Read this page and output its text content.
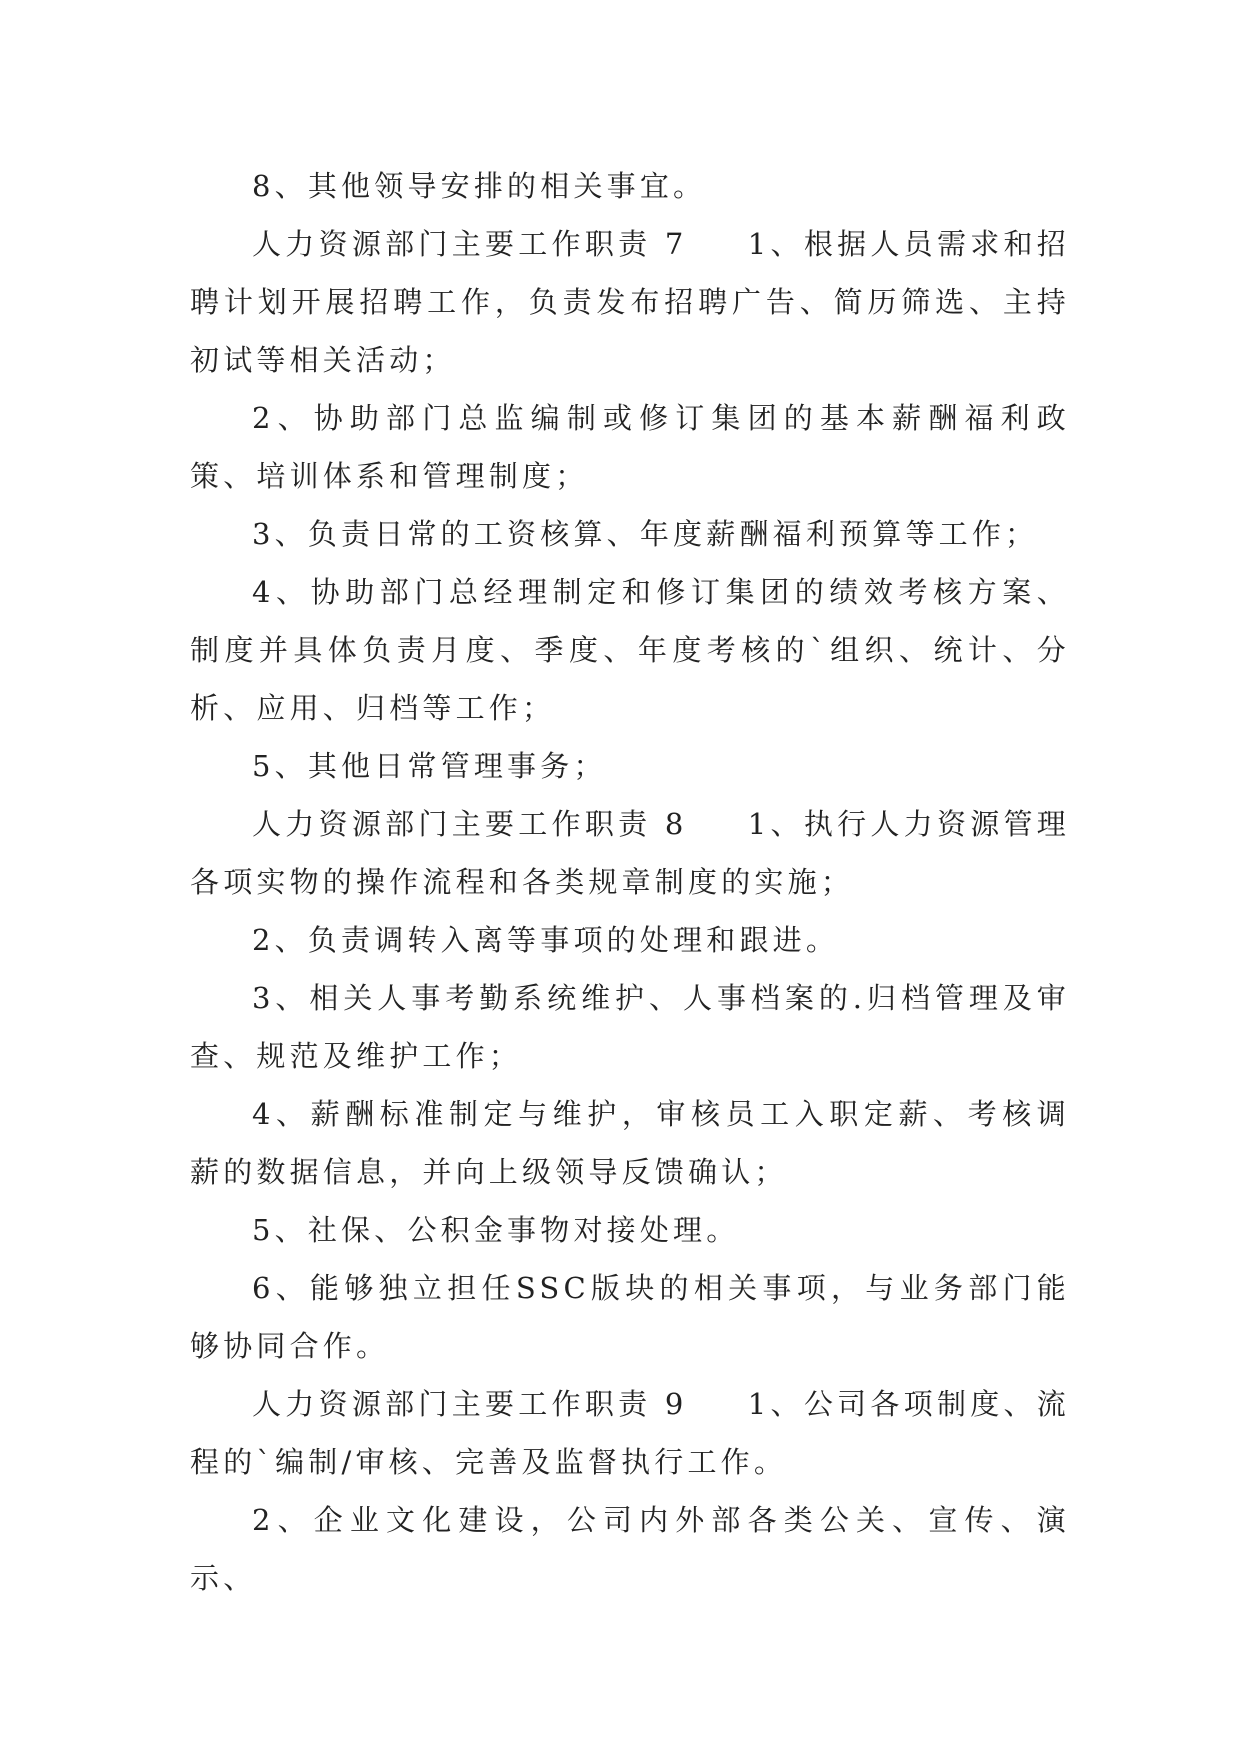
8、其他领导安排的相关事宜。

人力资源部门主要工作职责 7 　 1、根据人员需求和招聘计划开展招聘工作，负责发布招聘广告、简历筛选、主持初试等相关活动；

2、协助部门总监编制或修订集团的基本薪酬福利政策、培训体系和管理制度；

3、负责日常的工资核算、年度薪酬福利预算等工作；

4、协助部门总经理制定和修订集团的绩效考核方案、制度并具体负责月度、季度、年度考核的`组织、统计、分析、应用、归档等工作；

5、其他日常管理事务；

人力资源部门主要工作职责 8 　 1、执行人力资源管理各项实物的操作流程和各类规章制度的实施；

2、负责调转入离等事项的处理和跟进。

3、相关人事考勤系统维护、人事档案的.归档管理及审查、规范及维护工作；

4、薪酬标准制定与维护，审核员工入职定薪、考核调薪的数据信息，并向上级领导反馈确认；

5、社保、公积金事物对接处理。

6、能够独立担任SSC版块的相关事项，与业务部门能够协同合作。

人力资源部门主要工作职责 9 　 1、公司各项制度、流程的`编制/审核、完善及监督执行工作。

2、企业文化建设，公司内外部各类公关、宣传、演示、
